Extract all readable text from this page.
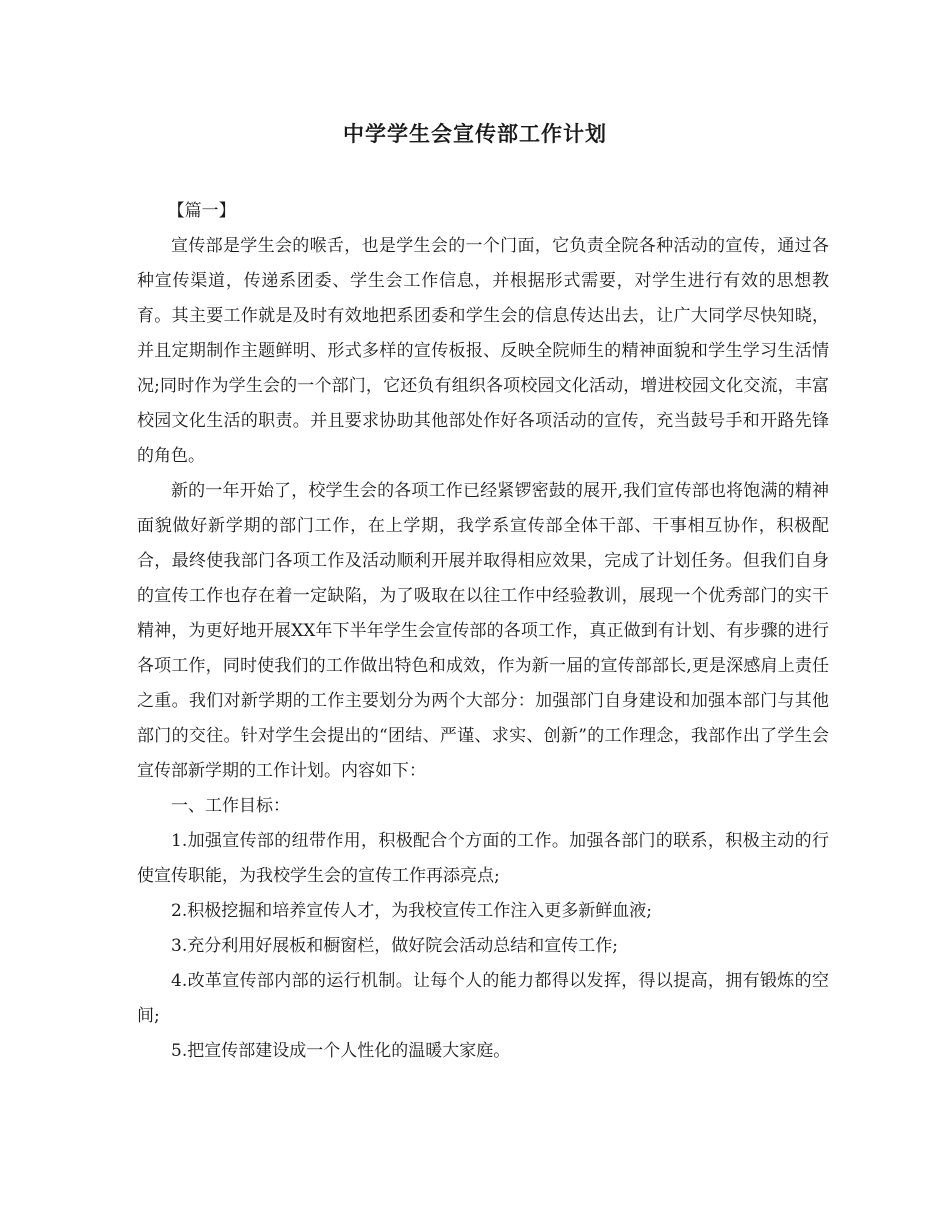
中学学生会宣传部工作计划

【篇一】

宣传部是学生会的喉舌，也是学生会的一个门面，它负责全院各种活动的宣传，通过各种宣传渠道，传递系团委、学生会工作信息，并根据形式需要，对学生进行有效的思想教育。其主要工作就是及时有效地把系团委和学生会的信息传达出去，让广大同学尽快知晓，并且定期制作主题鲜明、形式多样的宣传板报、反映全院师生的精神面貌和学生学习生活情况;同时作为学生会的一个部门，它还负有组织各项校园文化活动，增进校园文化交流，丰富校园文化生活的职责。并且要求协助其他部处作好各项活动的宣传，充当鼓号手和开路先锋的角色。

新的一年开始了，校学生会的各项工作已经紧锣密鼓的展开,我们宣传部也将饱满的精神面貌做好新学期的部门工作，在上学期，我学系宣传部全体干部、干事相互协作，积极配合，最终使我部门各项工作及活动顺利开展并取得相应效果，完成了计划任务。但我们自身的宣传工作也存在着一定缺陷，为了吸取在以往工作中经验教训，展现一个优秀部门的实干精神，为更好地开展XX年下半年学生会宣传部的各项工作，真正做到有计划、有步骤的进行各项工作，同时使我们的工作做出特色和成效，作为新一届的宣传部部长,更是深感肩上责任之重。我们对新学期的工作主要划分为两个大部分：加强部门自身建设和加强本部门与其他部门的交往。针对学生会提出的“团结、严谨、求实、创新”的工作理念，我部作出了学生会宣传部新学期的工作计划。内容如下：

一、工作目标：

1.加强宣传部的纽带作用，积极配合个方面的工作。加强各部门的联系，积极主动的行使宣传职能，为我校学生会的宣传工作再添亮点;

2.积极挖掘和培养宣传人才，为我校宣传工作注入更多新鲜血液;

3.充分利用好展板和橱窗栏，做好院会活动总结和宣传工作;

4.改革宣传部内部的运行机制。让每个人的能力都得以发挥，得以提高，拥有锻炼的空间;

5.把宣传部建设成一个人性化的温暖大家庭。
